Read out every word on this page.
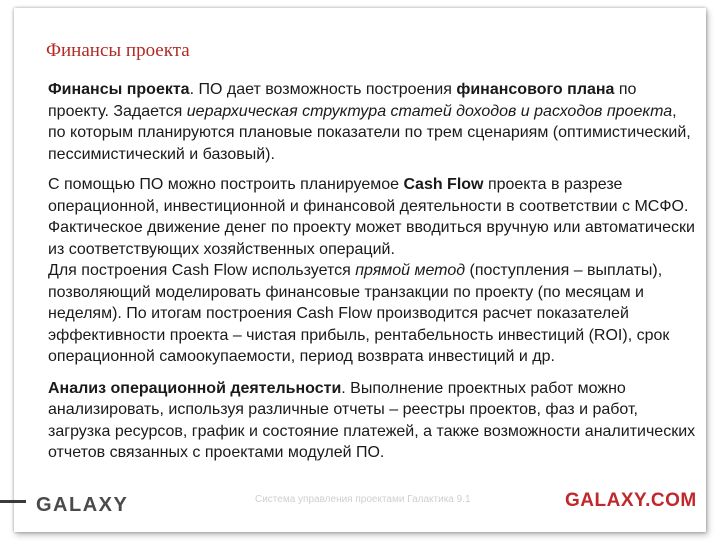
Финансы проекта

Финансы проекта. ПО дает возможность построения финансового плана по проекту. Задается иерархическая структура статей доходов и расходов проекта, по которым планируются плановые показатели по трем сценариям (оптимистический, пессимистический и базовый).

С помощью ПО можно построить планируемое Cash Flow проекта в разрезе операционной, инвестиционной и финансовой деятельности в соответствии с МСФО. Фактическое движение денег по проекту может вводиться вручную или автоматически из соответствующих хозяйственных операций.

Для построения Cash Flow используется прямой метод (поступления – выплаты), позволяющий моделировать финансовые транзакции по проекту (по месяцам и неделям). По итогам построения Cash Flow производится расчет показателей эффективности проекта – чистая прибыль, рентабельность инвестиций (ROI), срок операционной самоокупаемости, период возврата инвестиций и др.

Анализ операционной деятельности. Выполнение проектных работ можно анализировать, используя различные отчеты – реестры проектов, фаз и работ, загрузка ресурсов, график и состояние платежей, а также возможности аналитических отчетов связанных с проектами модулей ПО.

GALAXY	Система управления проектами Галактика 9.1	GALAXY.COM
